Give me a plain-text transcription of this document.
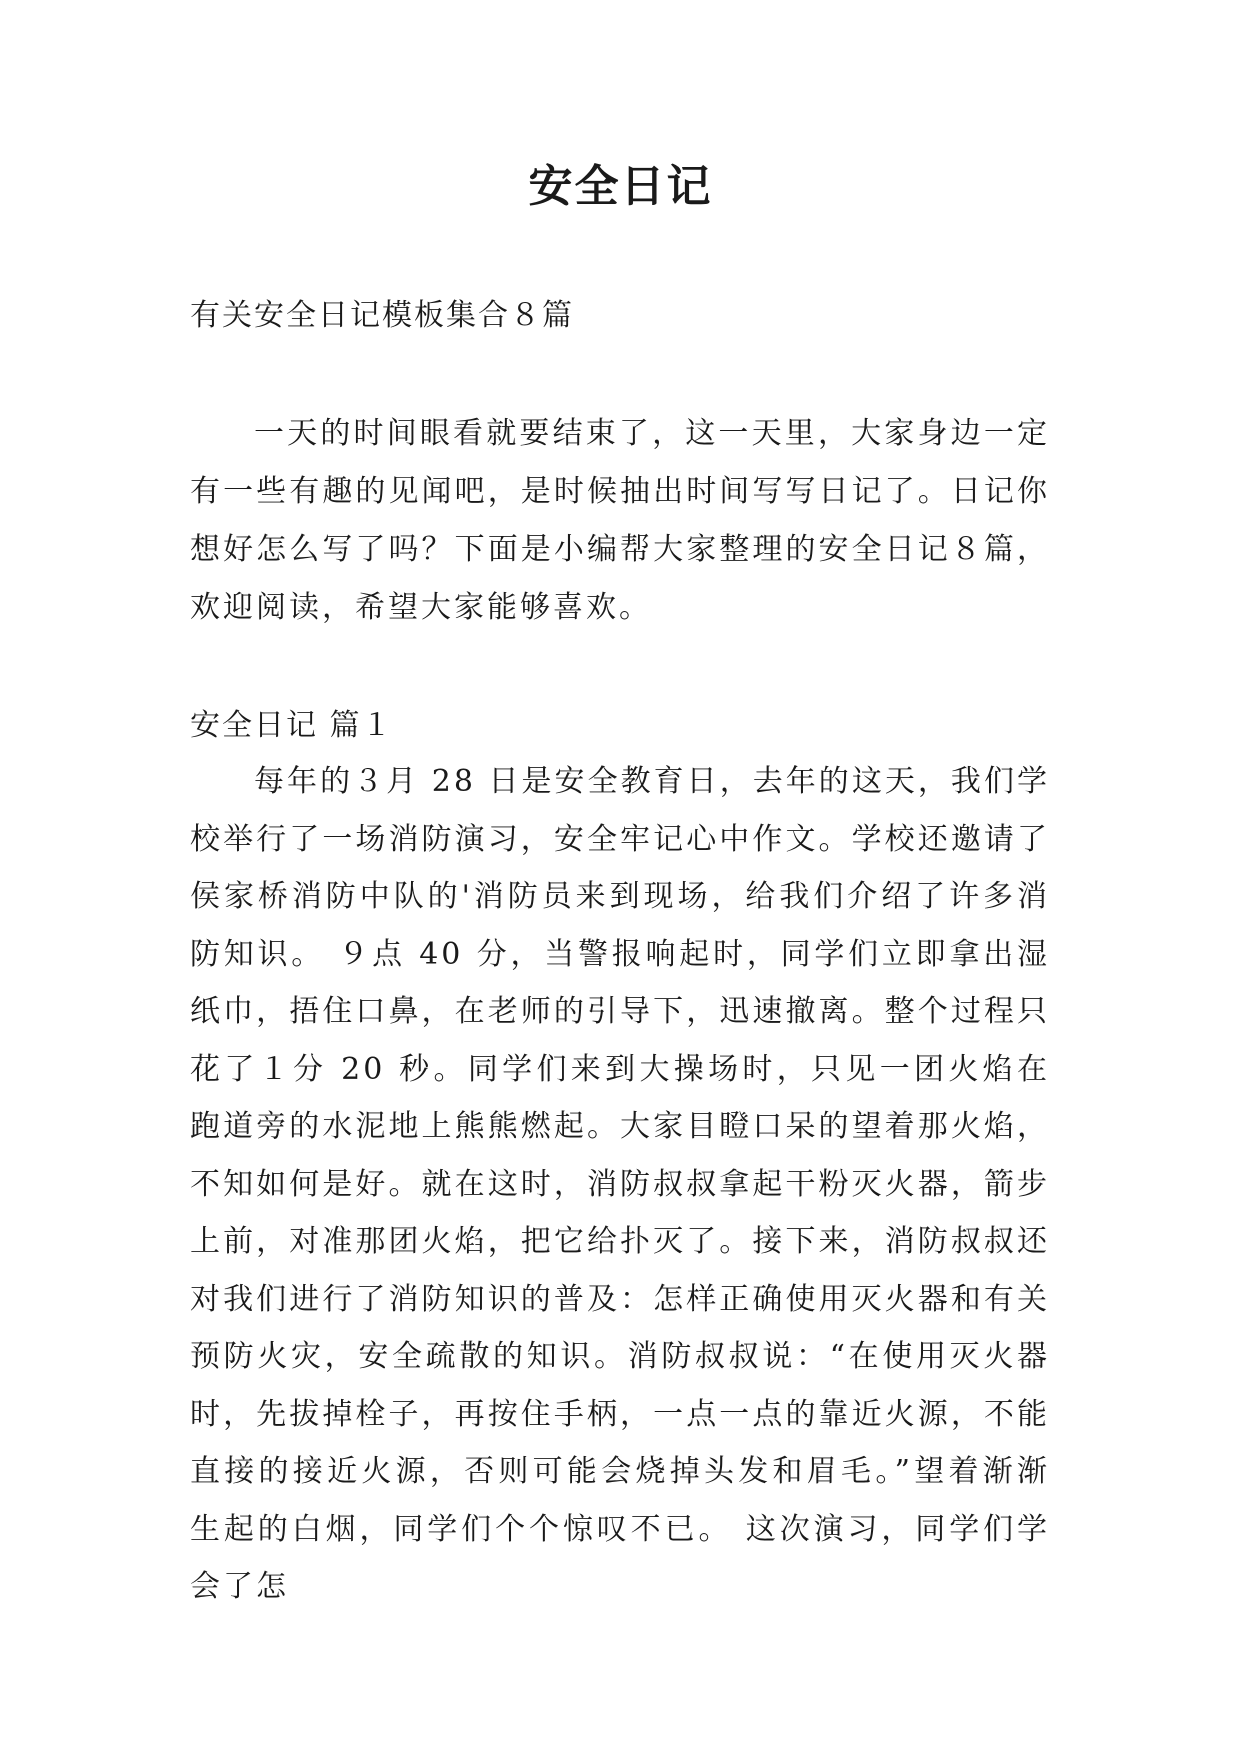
安全日记

有关安全日记模板集合８篇

一天的时间眼看就要结束了，这一天里，大家身边一定有一些有趣的见闻吧，是时候抽出时间写写日记了。日记你想好怎么写了吗？下面是小编帮大家整理的安全日记８篇，欢迎阅读，希望大家能够喜欢。

安全日记 篇１

每年的３月 28 日是安全教育日，去年的这天，我们学校举行了一场消防演习，安全牢记心中作文。学校还邀请了侯家桥消防中队的'消防员来到现场，给我们介绍了许多消防知识。 ９点 40 分，当警报响起时，同学们立即拿出湿纸巾，捂住口鼻，在老师的引导下，迅速撤离。整个过程只花了１分 20 秒。同学们来到大操场时，只见一团火焰在跑道旁的水泥地上熊熊燃起。大家目瞪口呆的望着那火焰，不知如何是好。就在这时，消防叔叔拿起干粉灭火器，箭步上前，对准那团火焰，把它给扑灭了。接下来，消防叔叔还对我们进行了消防知识的普及：怎样正确使用灭火器和有关预防火灾，安全疏散的知识。消防叔叔说：“在使用灭火器时，先拔掉栓子，再按住手柄，一点一点的靠近火源，不能直接的接近火源，否则可能会烧掉头发和眉毛。”望着渐渐生起的白烟，同学们个个惊叹不已。 这次演习，同学们学会了怎
